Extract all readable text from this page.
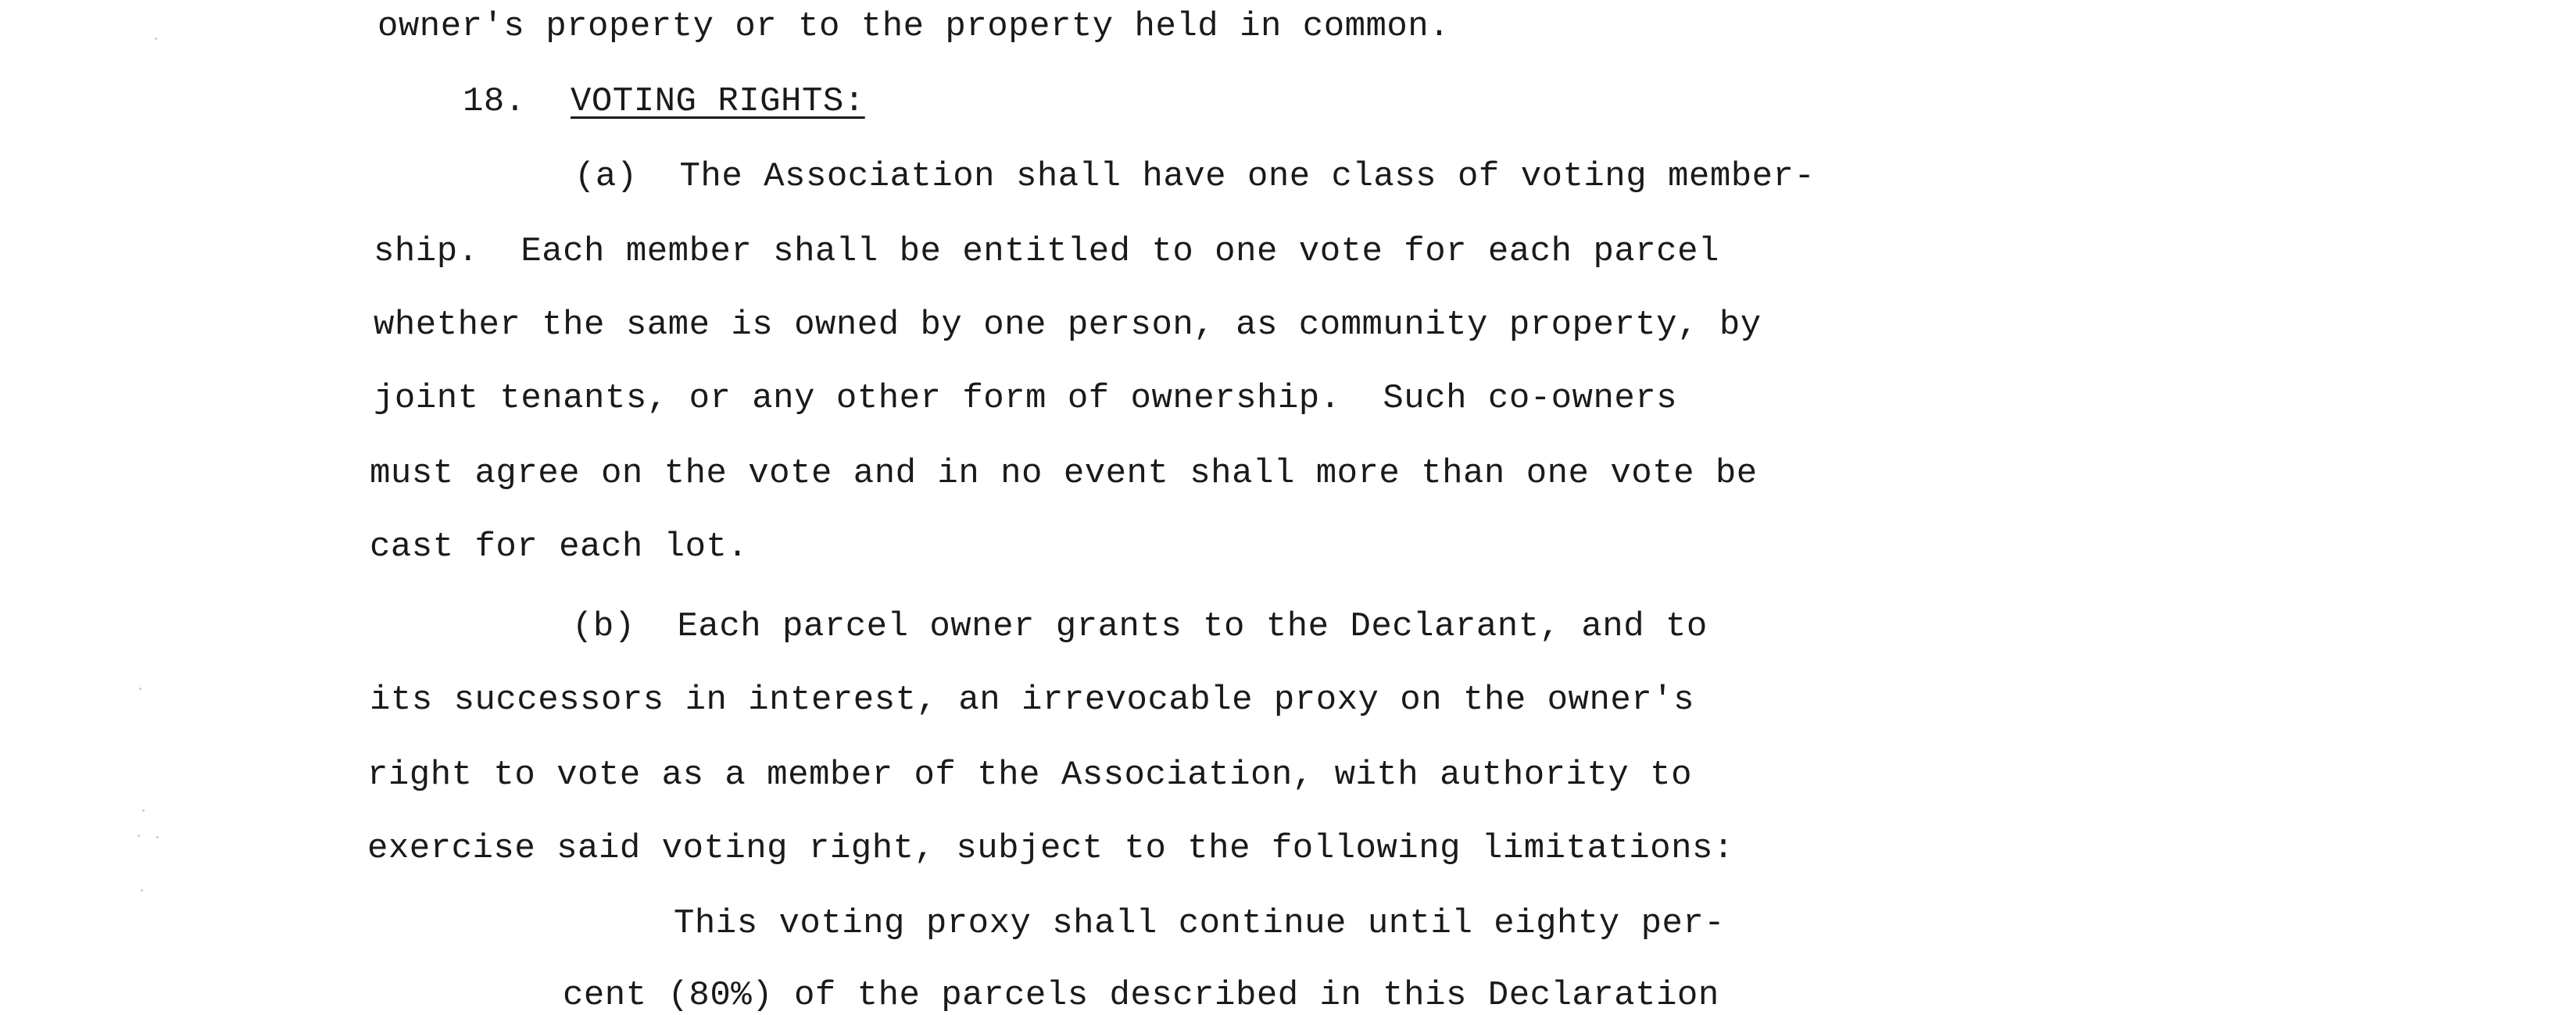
owner's property or to the property held in common.
18. VOTING RIGHTS:
(a)  The Association shall have one class of voting member-
ship.  Each member shall be entitled to one vote for each parcel
whether the same is owned by one person, as community property, by
joint tenants, or any other form of ownership.  Such co-owners
must agree on the vote and in no event shall more than one vote be
cast for each lot.
(b)  Each parcel owner grants to the Declarant, and to
its successors in interest, an irrevocable proxy on the owner's
right to vote as a member of the Association, with authority to
exercise said voting right, subject to the following limitations:
This voting proxy shall continue until eighty per-
cent (80%) of the parcels described in this Declaration
